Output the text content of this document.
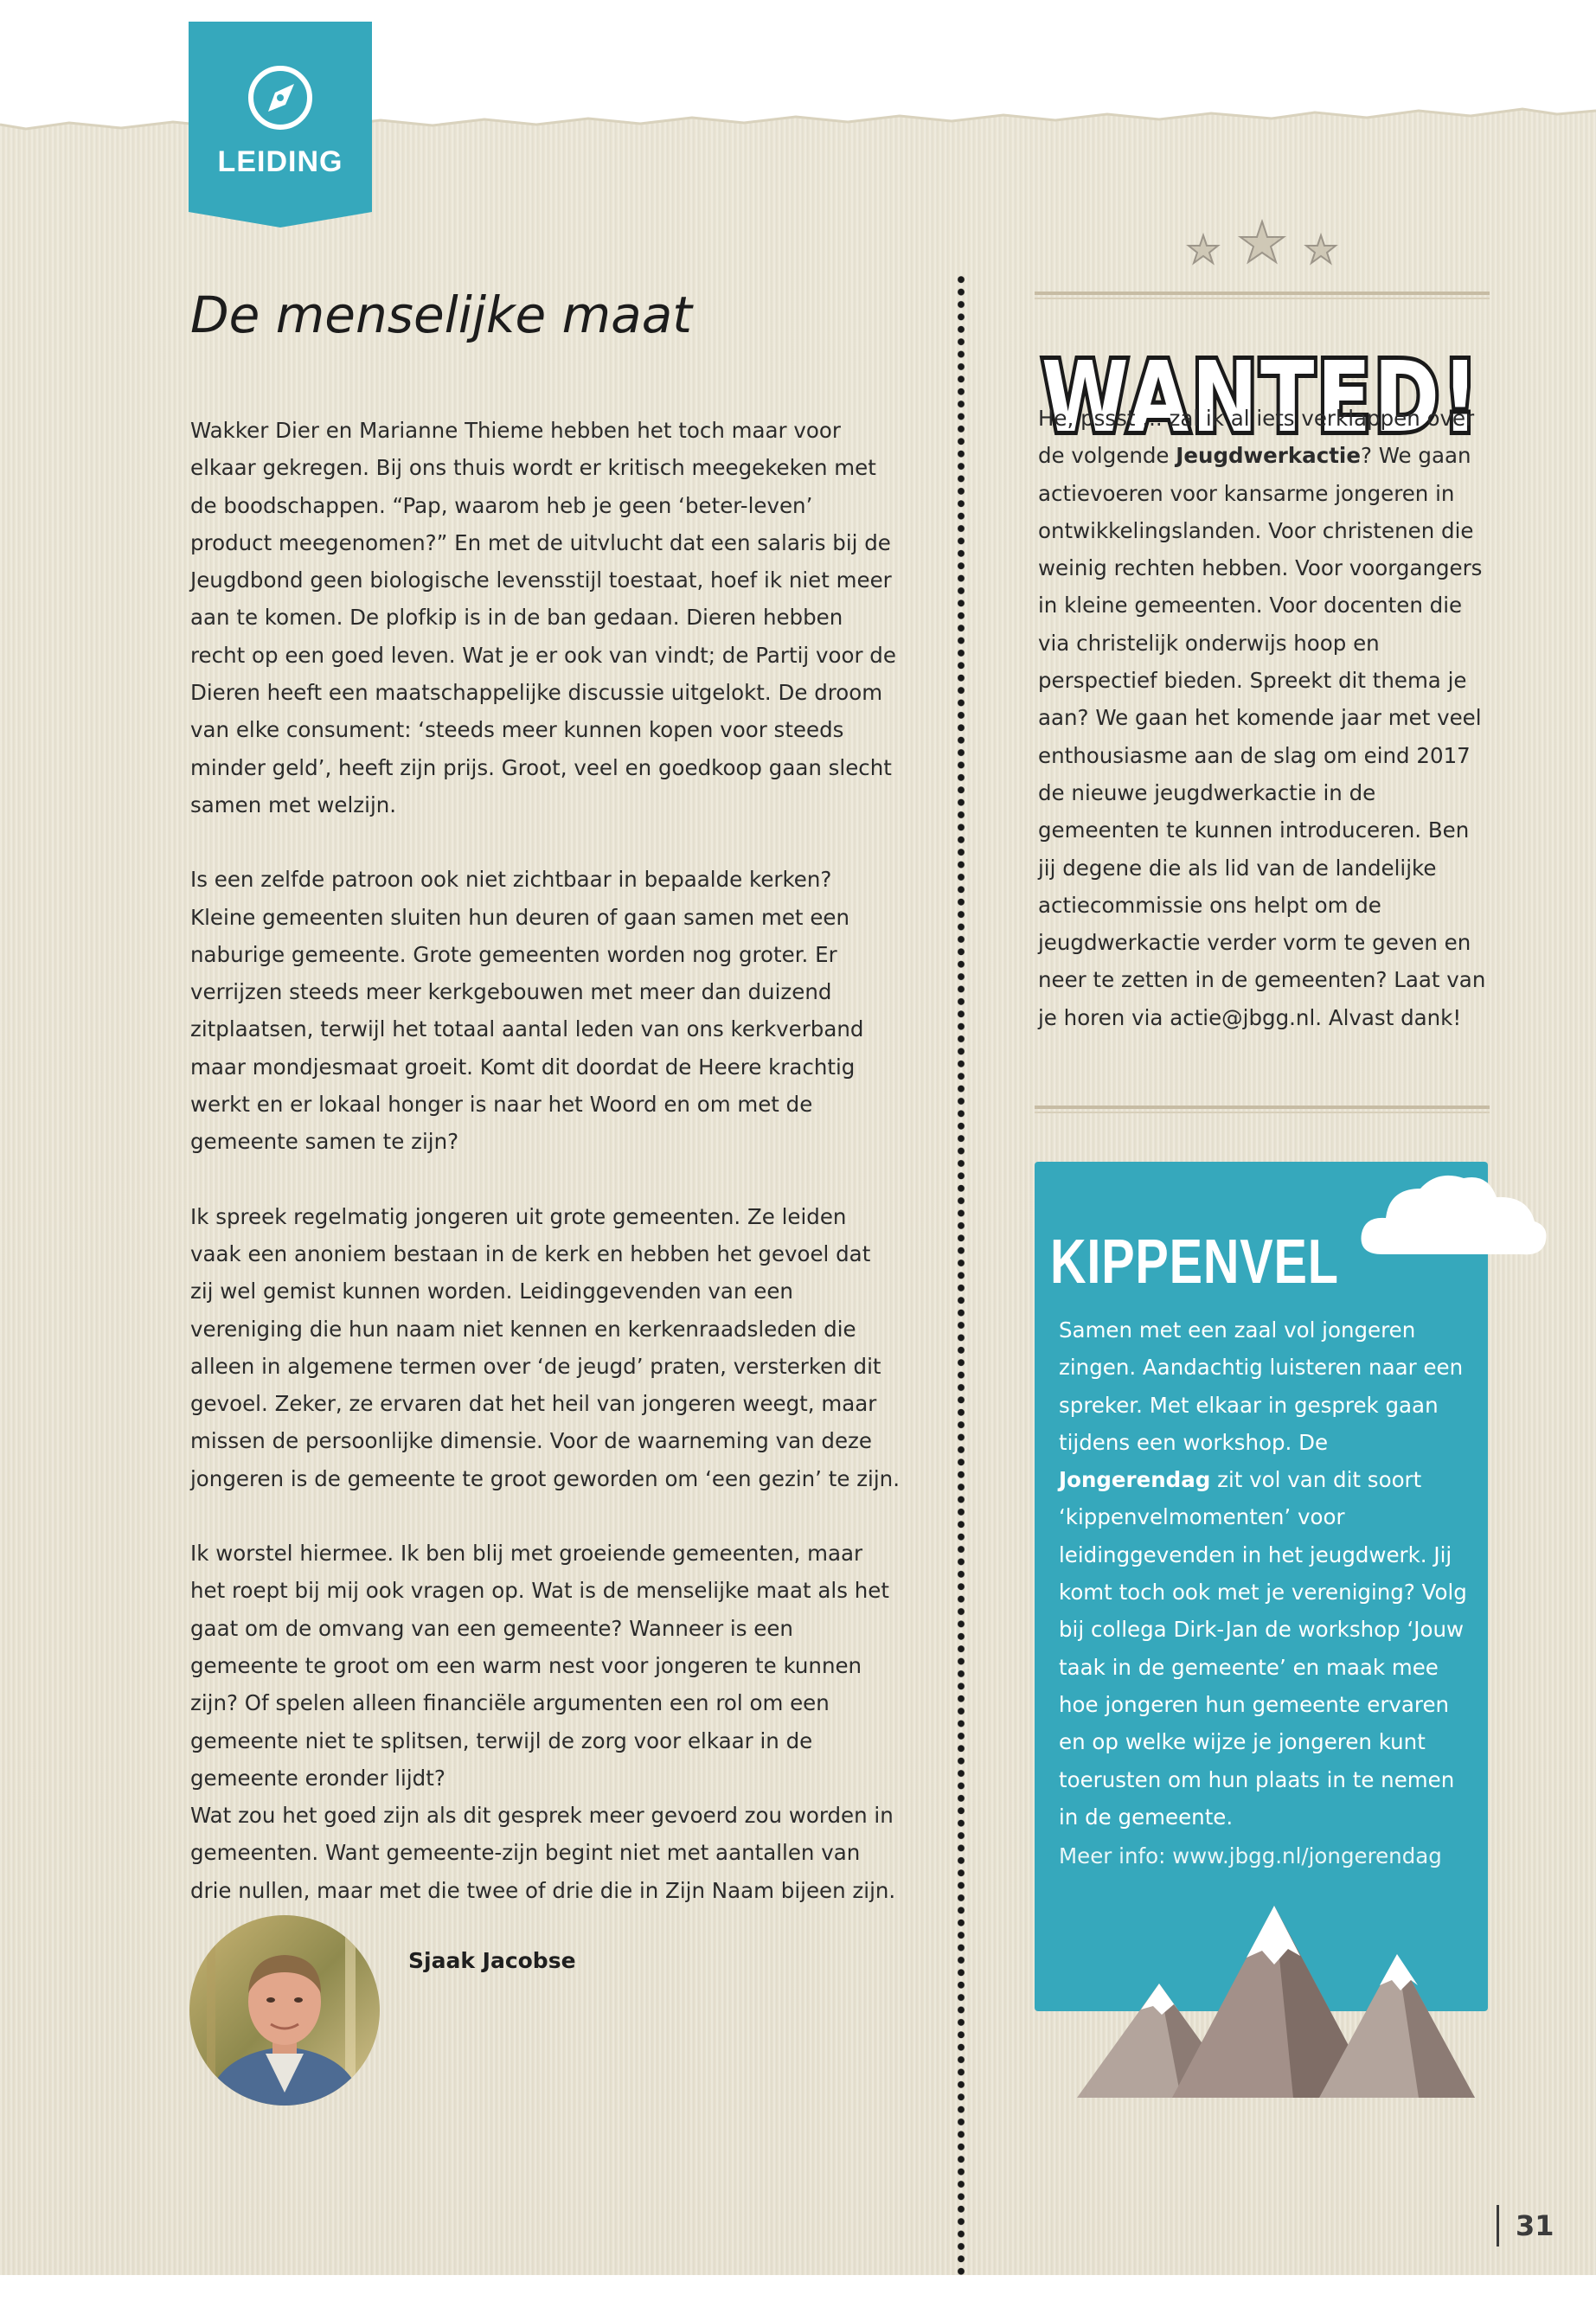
LEIDING
De menselijke maat

Wakker Dier en Marianne Thieme hebben het toch maar voor elkaar gekregen. Bij ons thuis wordt er kritisch meegekeken met de boodschappen. “Pap, waarom heb je geen ‘beter-leven’ product meegenomen?” En met de uitvlucht dat een salaris bij de Jeugdbond geen biologische levensstijl toestaat, hoef ik niet meer aan te komen. De plofkip is in de ban gedaan. Dieren hebben recht op een goed leven. Wat je er ook van vindt; de Partij voor de Dieren heeft een maatschappelijke discussie uitgelokt. De droom van elke consument: ‘steeds meer kunnen kopen voor steeds minder geld’, heeft zijn prijs. Groot, veel en goedkoop gaan slecht samen met welzijn.

Is een zelfde patroon ook niet zichtbaar in bepaalde kerken? Kleine gemeenten sluiten hun deuren of gaan samen met een naburige gemeente. Grote gemeenten worden nog groter. Er verrijzen steeds meer kerkgebouwen met meer dan duizend zitplaatsen, terwijl het totaal aantal leden van ons kerkverband maar mondjesmaat groeit. Komt dit doordat de Heere krachtig werkt en er lokaal honger is naar het Woord en om met de gemeente samen te zijn?

Ik spreek regelmatig jongeren uit grote gemeenten. Ze leiden vaak een anoniem bestaan in de kerk en hebben het gevoel dat zij wel gemist kunnen worden. Leidinggevenden van een vereniging die hun naam niet kennen en kerkenraadsleden die alleen in algemene termen over ‘de jeugd’ praten, versterken dit gevoel. Zeker, ze ervaren dat het heil van jongeren weegt, maar missen de persoonlijke dimensie. Voor de waarneming van deze jongeren is de gemeente te groot geworden om ‘een gezin’ te zijn.

Ik worstel hiermee. Ik ben blij met groeiende gemeenten, maar het roept bij mij ook vragen op. Wat is de menselijke maat als het gaat om de omvang van een gemeente? Wanneer is een gemeente te groot om een warm nest voor jongeren te kunnen zijn? Of spelen alleen financiële argumenten een rol om een gemeente niet te splitsen, terwijl de zorg voor elkaar in de gemeente eronder lijdt?

Wat zou het goed zijn als dit gesprek meer gevoerd zou worden in gemeenten. Want gemeente-zijn begint niet met aantallen van drie nullen, maar met die twee of drie die in Zijn Naam bijeen zijn.

Sjaak Jacobse
WANTED!

He, pssst ... zal ik al iets verklappen over de volgende Jeugdwerkactie? We gaan actievoeren voor kansarme jongeren in ontwikkelingslanden. Voor christenen die weinig rechten hebben. Voor voorgangers in kleine gemeenten. Voor docenten die via christelijk onderwijs hoop en perspectief bieden. Spreekt dit thema je aan? We gaan het komende jaar met veel enthousiasme aan de slag om eind 2017 de nieuwe jeugdwerkactie in de gemeenten te kunnen introduceren. Ben jij degene die als lid van de landelijke actiecommissie ons helpt om de jeugdwerkactie verder vorm te geven en neer te zetten in de gemeenten? Laat van je horen via actie@jbgg.nl. Alvast dank!

KIPPENVEL

Samen met een zaal vol jongeren zingen. Aandachtig luisteren naar een spreker. Met elkaar in gesprek gaan tijdens een workshop. De Jongerendag zit vol van dit soort ‘kippenvelmomenten’ voor leidinggevenden in het jeugdwerk. Jij komt toch ook met je vereniging? Volg bij collega Dirk-Jan de workshop ‘Jouw taak in de gemeente’ en maak mee hoe jongeren hun gemeente ervaren en op welke wijze je jongeren kunt toerusten om hun plaats in te nemen in de gemeente.

Meer info: www.jbgg.nl/jongerendag

31
